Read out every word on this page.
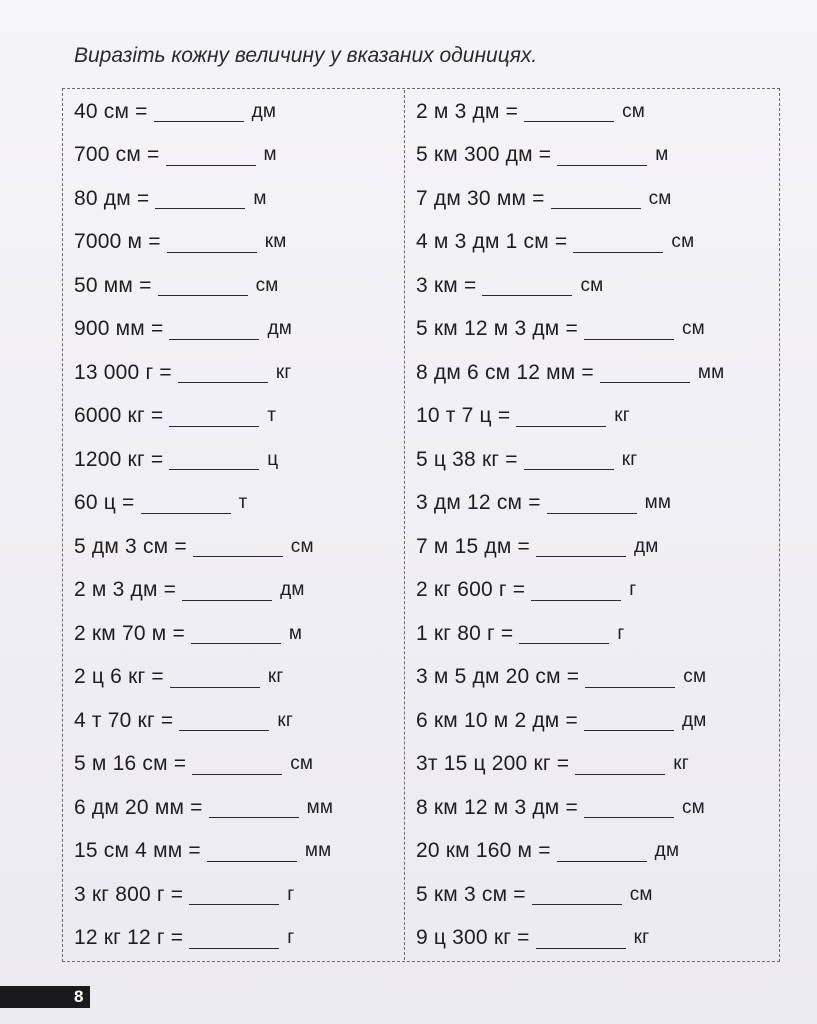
Виразіть кожну величину у вказаних одиницях.
40 см =	дм
700 см =	м
80 дм =	м
7000 м =	км
50 мм =	см
900 мм =	дм
13 000 г =	кг
6000 кг =	т
1200 кг =	ц
60 ц =	т
5 дм 3 см =	см
2 м 3 дм =	дм
2 км 70 м =	м
2 ц 6 кг =	кг
4 т 70 кг =	кг
5 м 16 см =	см
6 дм 20 мм =	мм
15 см 4 мм =	мм
3 кг 800 г =	г
12 кг 12 г =	г
2 м 3 дм =	см
5 км 300 дм =	м
7 дм 30 мм =	см
4 м 3 дм 1 см =	см
3 км =	см
5 км 12 м 3 дм =	см
8 дм 6 см 12 мм =	мм
10 т 7 ц =	кг
5 ц 38 кг =	кг
3 дм 12 см =	мм
7 м 15 дм =	дм
2 кг 600 г =	г
1 кг 80 г =	г
3 м 5 дм 20 см =	см
6 км 10 м 2 дм =	дм
3т 15 ц 200 кг =	кг
8 км 12 м 3 дм =	см
20 км 160 м =	дм
5 км 3 см =	см
9 ц 300 кг =	кг
8
